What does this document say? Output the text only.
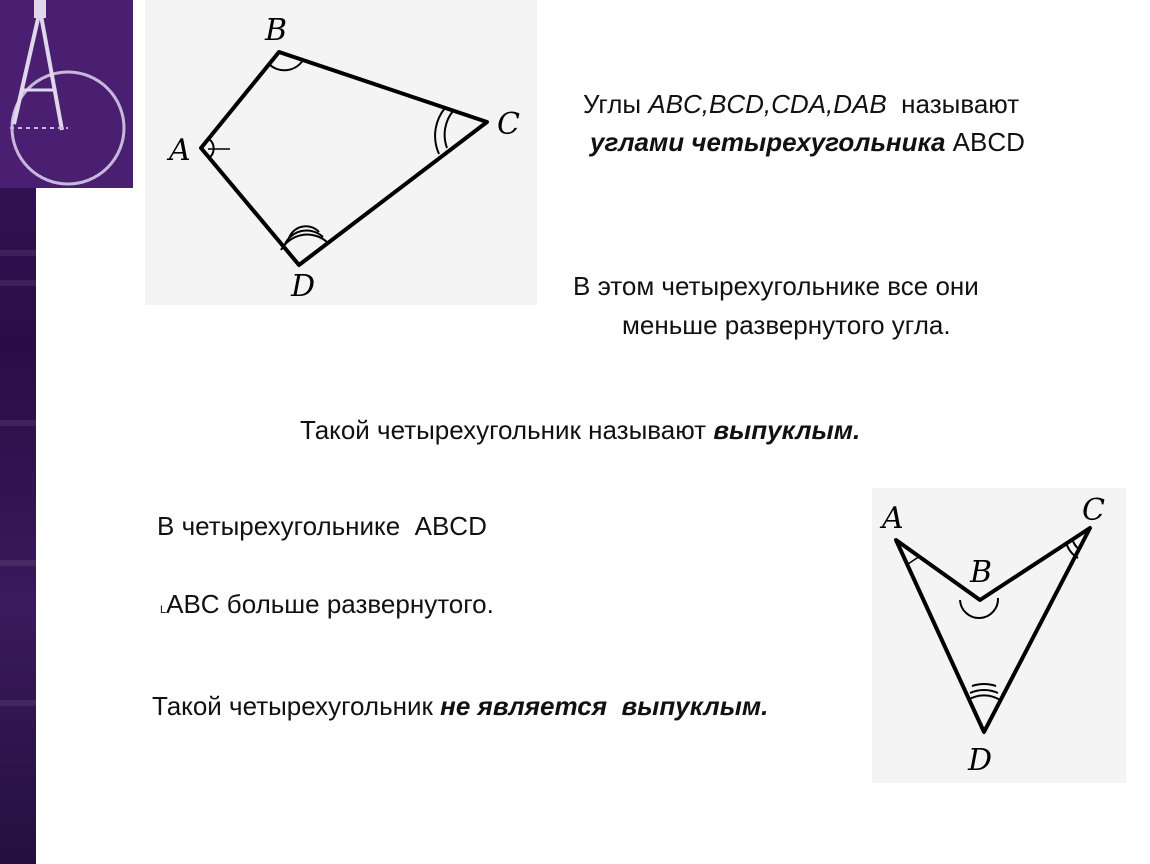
A
B
C
D
A
B
C
D
Углы ABC,BCD,CDA,DAB  называют
углами четырехугольника ABCD
В этом четырехугольнике все они
меньше развернутого угла.
Такой четырехугольник называют выпуклым.
В четырехугольнике  ABCD
LABC больше развернутого.
Такой четырехугольник не является  выпуклым.
